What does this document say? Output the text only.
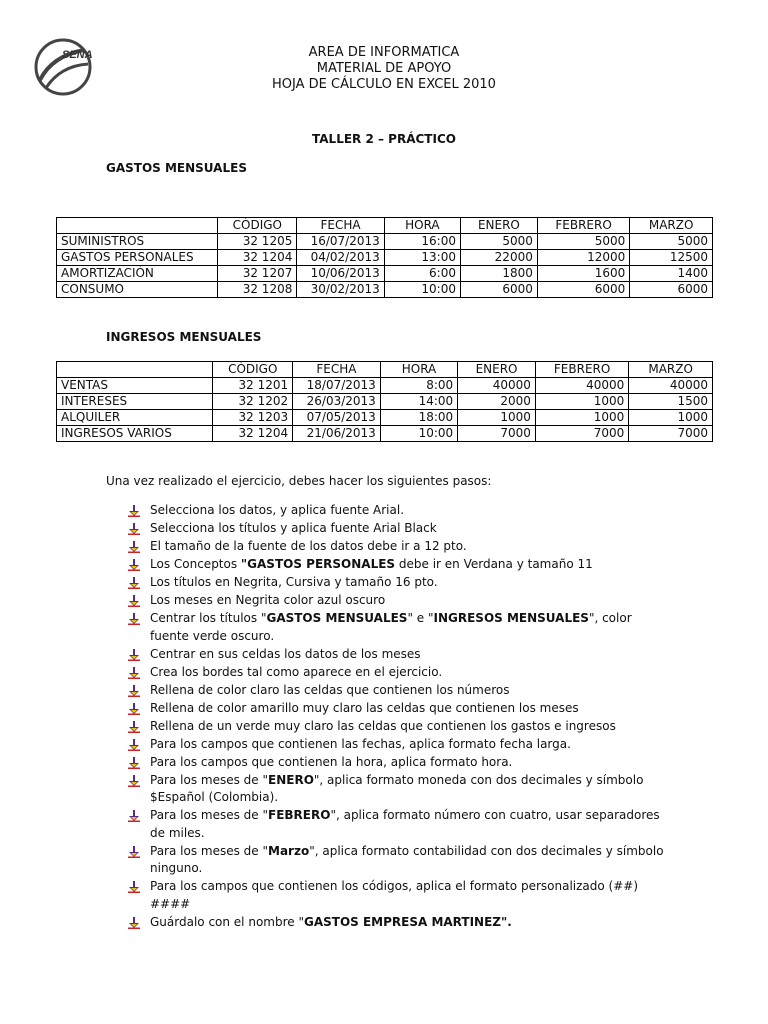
SENA	AREA DE INFORMATICA
MATERIAL DE APOYO
HOJA DE CÁLCULO EN EXCEL 2010
TALLER 2 – PRÁCTICO
GASTOS MENSUALES
	CÓDIGO	FECHA	HORA	ENERO	FEBRERO	MARZO
SUMINISTROS	32 1205	16/07/2013	16:00	5000	5000	5000
GASTOS PERSONALES	32 1204	04/02/2013	13:00	22000	12000	12500
AMORTIZACIÓN	32 1207	10/06/2013	6:00	1800	1600	1400
CONSUMO	32 1208	30/02/2013	10:00	6000	6000	6000
INGRESOS MENSUALES
	CÓDIGO	FECHA	HORA	ENERO	FEBRERO	MARZO
VENTAS	32 1201	18/07/2013	8:00	40000	40000	40000
INTERESES	32 1202	26/03/2013	14:00	2000	1000	1500
ALQUILER	32 1203	07/05/2013	18:00	1000	1000	1000
INGRESOS VARIOS	32 1204	21/06/2013	10:00	7000	7000	7000
Una vez realizado el ejercicio, debes hacer los siguientes pasos:
Selecciona los datos, y aplica fuente Arial.
Selecciona los títulos y aplica fuente Arial Black
El tamaño de la fuente de los datos debe ir a 12 pto.
Los Conceptos "GASTOS PERSONALES debe ir en Verdana y tamaño 11
Los títulos en Negrita, Cursiva y tamaño 16 pto.
Los meses en Negrita color azul oscuro
Centrar los títulos "GASTOS MENSUALES" e "INGRESOS MENSUALES", color fuente verde oscuro.
Centrar en sus celdas los datos de los meses
Crea los bordes tal como aparece en el ejercicio.
Rellena de color claro las celdas que contienen los números
Rellena de color amarillo muy claro las celdas que contienen los meses
Rellena de un verde muy claro las celdas que contienen los gastos e ingresos
Para los campos que contienen las fechas, aplica formato fecha larga.
Para los campos que contienen la hora, aplica formato hora.
Para los meses de "ENERO", aplica formato moneda con dos decimales y símbolo $Español (Colombia).
Para los meses de "FEBRERO", aplica formato número con cuatro, usar separadores de miles.
Para los meses de "Marzo", aplica formato contabilidad con dos decimales y símbolo ninguno.
Para los campos que contienen los códigos, aplica el formato personalizado (##) ####
Guárdalo con el nombre "GASTOS EMPRESA MARTINEZ".
